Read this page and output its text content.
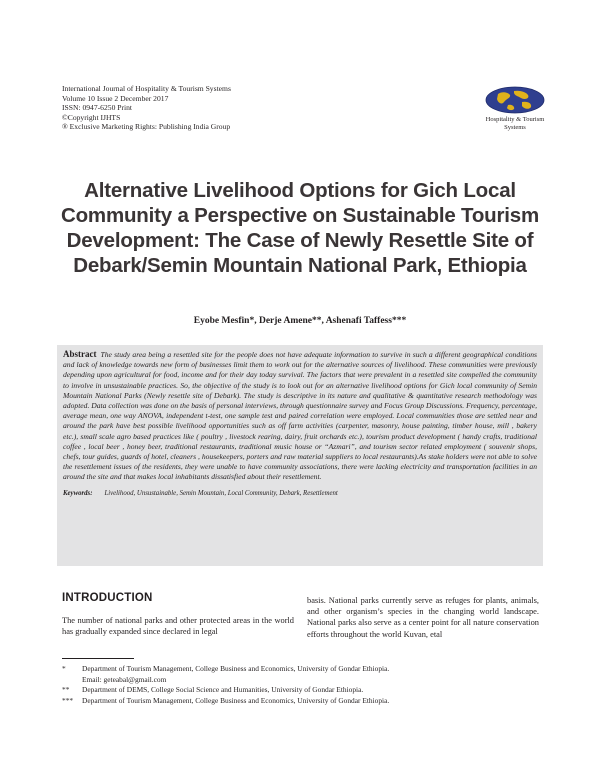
International Journal of Hospitality & Tourism Systems
Volume 10 Issue 2 December 2017
ISSN: 0947-6250 Print
©Copyright IJHTS
® Exclusive Marketing Rights: Publishing India Group
Hospitality & Tourism
Systems
Alternative Livelihood Options for Gich Local Community a Perspective on Sustainable Tourism Development: The Case of Newly Resettle Site of Debark/Semin Mountain National Park, Ethiopia
Eyobe Mesfin*, Derje Amene**, Ashenafi Taffess***
Abstract The study area being a resettled site for the people does not have adequate information to survive in such a different geographical conditions and lack of knowledge towards new form of businesses limit them to work out for the alternative sources of livelihood. These communities were previously depending upon agricultural for food, income and for their day today survival. The factors that were prevalent in a resettled site compelled the community to involve in unsustainable practices. So, the objective of the study is to look out for an alternative livelihood options for Gich local community of Semin Mountain National Parks (Newly resettle site of Debark). The study is descriptive in its nature and qualitative & quantitative research methodology was adopted. Data collection was done on the basis of personal interviews, through questionnaire survey and Focus Group Discussions. Frequency, percentage, average mean, one way ANOVA, independent t-test, one sample test and paired correlation were employed. Local communities those are settled near and around the park have best possible livelihood opportunities such as off farm activities (carpenter, masonry, house painting, timber house, mill , bakery etc.), small scale agro based practices like ( poultry , livestock rearing, dairy, fruit orchards etc.), tourism product development ( handy crafts, traditional coffee , local beer , honey beer, traditional restaurants, traditional music house or “Azmari”, and tourism sector related employment ( souvenir shops, chefs, tour guides, guards of hotel, cleaners , housekeepers, porters and raw material suppliers to local restaurants).As stake holders were not able to solve the resettlement issues of the residents, they were unable to have community associations, there were lacking electricity and transportation facilities in an around the site and that makes local inhabitants dissatisfied about their resettlement.
Keywords: Livelihood, Unsustainable, Semin Mountain, Local Community, Debark, Resettlement
INTRODUCTION
The number of national parks and other protected areas in the world has gradually expanded since declared in legal
basis. National parks currently serve as refuges for plants, animals, and other organism’s species in the changing world landscape. National parks also serve as a center point for all nature conservation efforts throughout the world Kuvan, etal
*	Department of Tourism Management, College Business and Economics, University of Gondar Ethiopia.
Email: geteabal@gmail.com
**	Department of DEMS, College Social Science and Humanities, University of Gondar Ethiopia.
***	Department of Tourism Management, College Business and Economics, University of Gondar Ethiopia.
